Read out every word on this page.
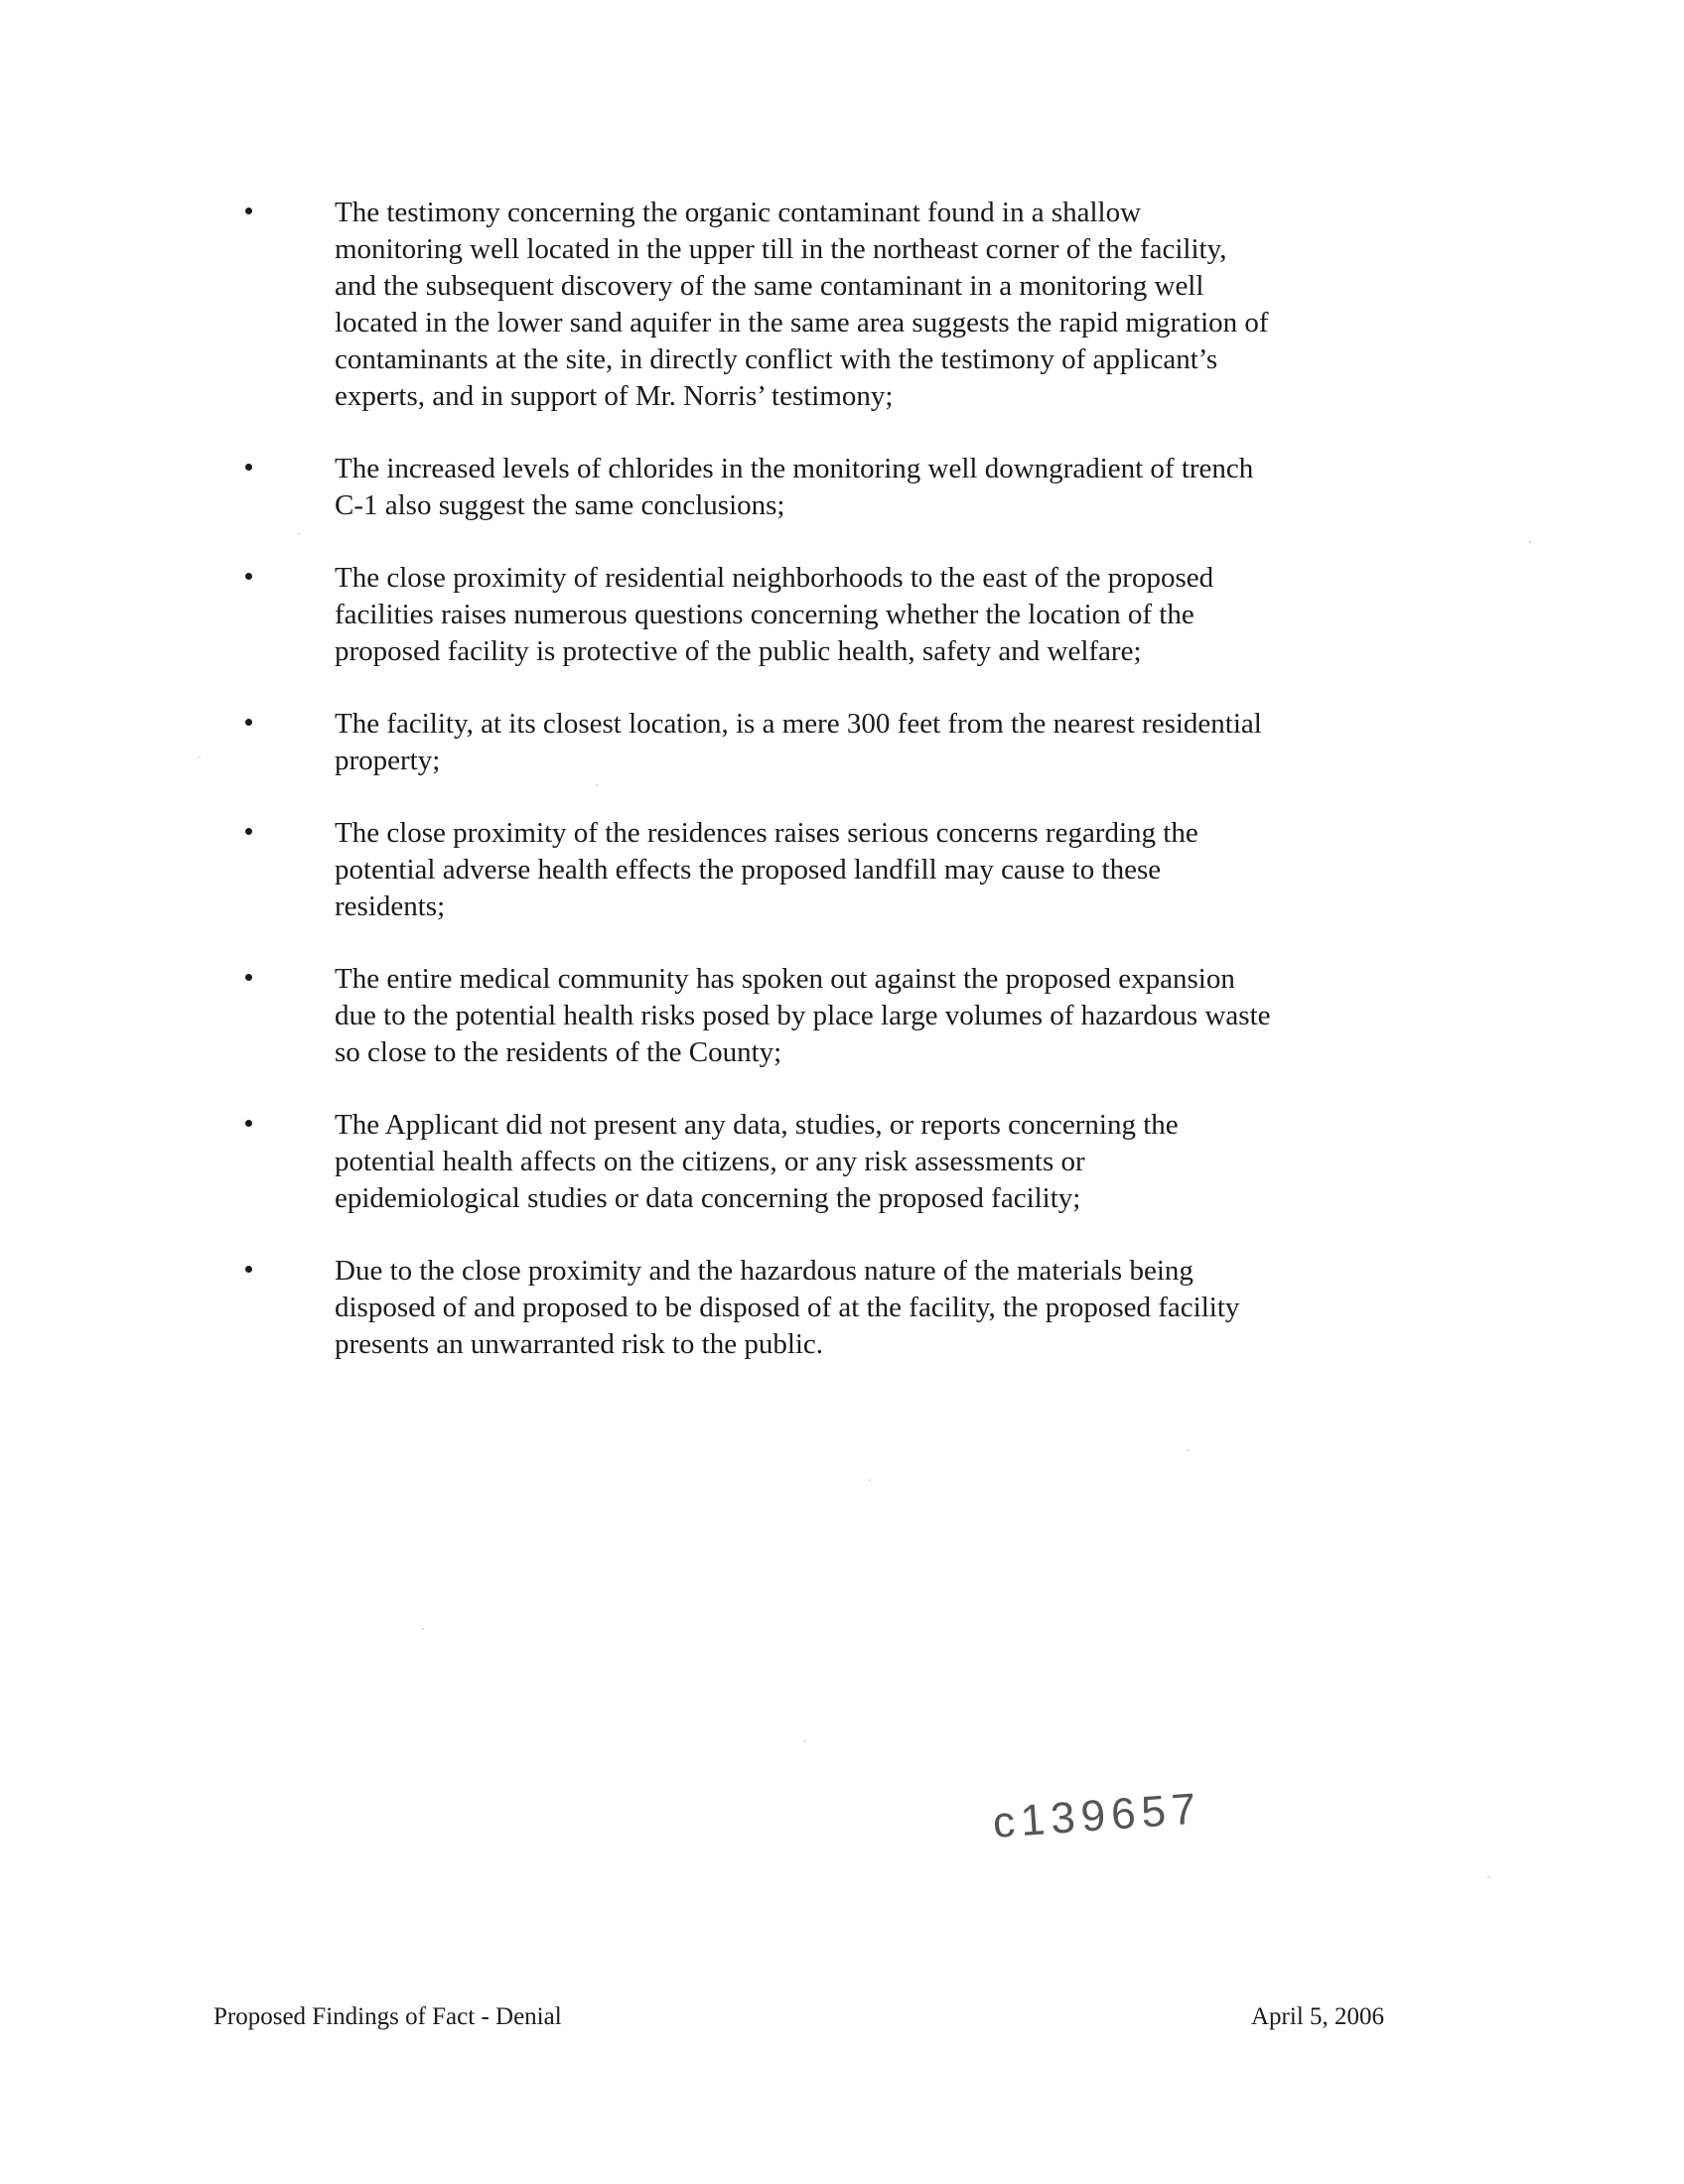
The testimony concerning the organic contaminant found in a shallow
monitoring well located in the upper till in the northeast corner of the facility,
and the subsequent discovery of the same contaminant in a monitoring well
located in the lower sand aquifer in the same area suggests the rapid migration of
contaminants at the site, in directly conflict with the testimony of applicant’s
experts, and in support of Mr. Norris’ testimony;
The increased levels of chlorides in the monitoring well downgradient of trench
C-1 also suggest the same conclusions;
The close proximity of residential neighborhoods to the east of the proposed
facilities raises numerous questions concerning whether the location of the
proposed facility is protective of the public health, safety and welfare;
The facility, at its closest location, is a mere 300 feet from the nearest residential
property;
The close proximity of the residences raises serious concerns regarding the
potential adverse health effects the proposed landfill may cause to these
residents;
The entire medical community has spoken out against the proposed expansion
due to the potential health risks posed by place large volumes of hazardous waste
so close to the residents of the County;
The Applicant did not present any data, studies, or reports concerning the
potential health affects on the citizens, or any risk assessments or
epidemiological studies or data concerning the proposed facility;
Due to the close proximity and the hazardous nature of the materials being
disposed of and proposed to be disposed of at the facility, the proposed facility
presents an unwarranted risk to the public.
c139657
Proposed Findings of Fact - Denial	April 5, 2006
